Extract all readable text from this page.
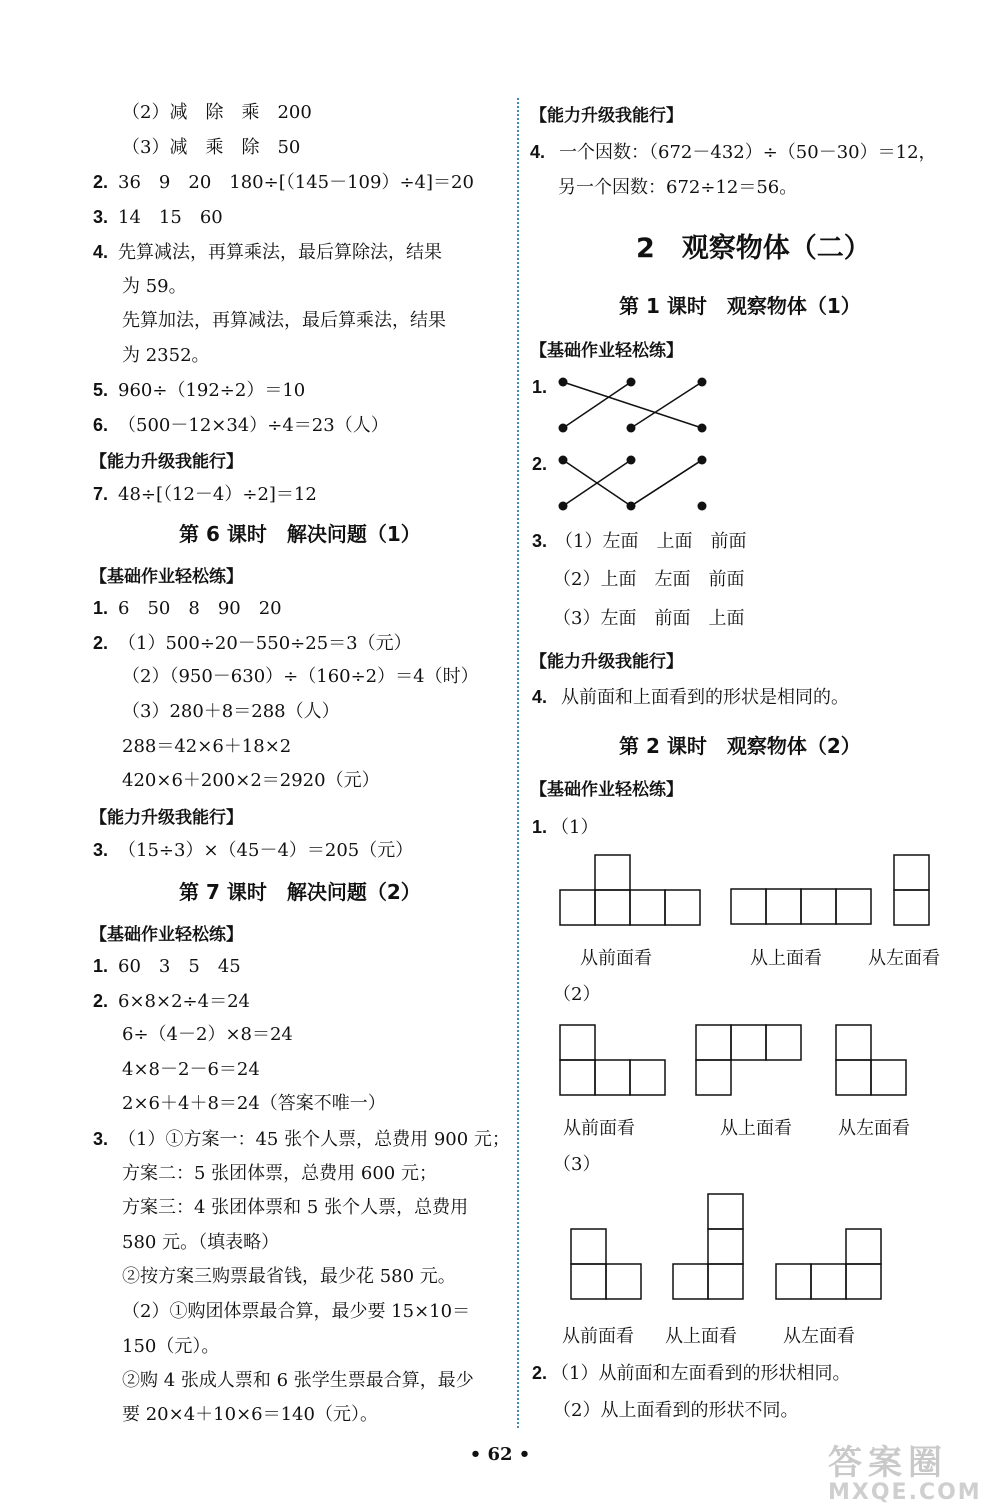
（2）减　除　乘　200
（3）减　乘　除　50
2. 36　9　20　180÷[（145－109）÷4]＝20
3. 14　15　60
4. 先算减法，再算乘法，最后算除法，结果
为 59。
先算加法，再算减法，最后算乘法，结果
为 2352。
5. 960÷（192÷2）＝10
6. （500－12×34）÷4＝23（人）
【能力升级我能行】
7. 48÷[（12－4）÷2]＝12
第 6 课时　解决问题（1）
【基础作业轻松练】
1. 6　50　8　90　20
2. （1）500÷20－550÷25＝3（元）
（2）（950－630）÷（160÷2）＝4（时）
（3）280＋8＝288（人）
288＝42×6＋18×2
420×6＋200×2＝2920（元）
【能力升级我能行】
3. （15÷3）×（45－4）＝205（元）
第 7 课时　解决问题（2）
【基础作业轻松练】
1. 60　3　5　45
2. 6×8×2÷4＝24
6÷（4－2）×8＝24
4×8－2－6＝24
2×6＋4＋8＝24（答案不唯一）
3. （1）①方案一：45 张个人票，总费用 900 元；
方案二：5 张团体票，总费用 600 元；
方案三：4 张团体票和 5 张个人票，总费用
580 元。（填表略）
②按方案三购票最省钱，最少花 580 元。
（2）①购团体票最合算，最少要 15×10＝
150（元）。
②购 4 张成人票和 6 张学生票最合算，最少
要 20×4＋10×6＝140（元）。
【能力升级我能行】
4. 一个因数：（672－432）÷（50－30）＝12，
另一个因数：672÷12＝56。
2　观察物体（二）
第 1 课时　观察物体（1）
【基础作业轻松练】
1.
2.
3. （1）左面　上面　前面
（2）上面　左面　前面
（3）左面　前面　上面
【能力升级我能行】
4. 从前面和上面看到的形状是相同的。
第 2 课时　观察物体（2）
【基础作业轻松练】
1. （1）
从前面看	从上面看	从左面看
（2）
从前面看	从上面看	从左面看
（3）
从前面看 从上面看	从左面看
2. （1）从前面和左面看到的形状相同。
（2）从上面看到的形状不同。
• 62 •	答案圈
MXQE.COM
